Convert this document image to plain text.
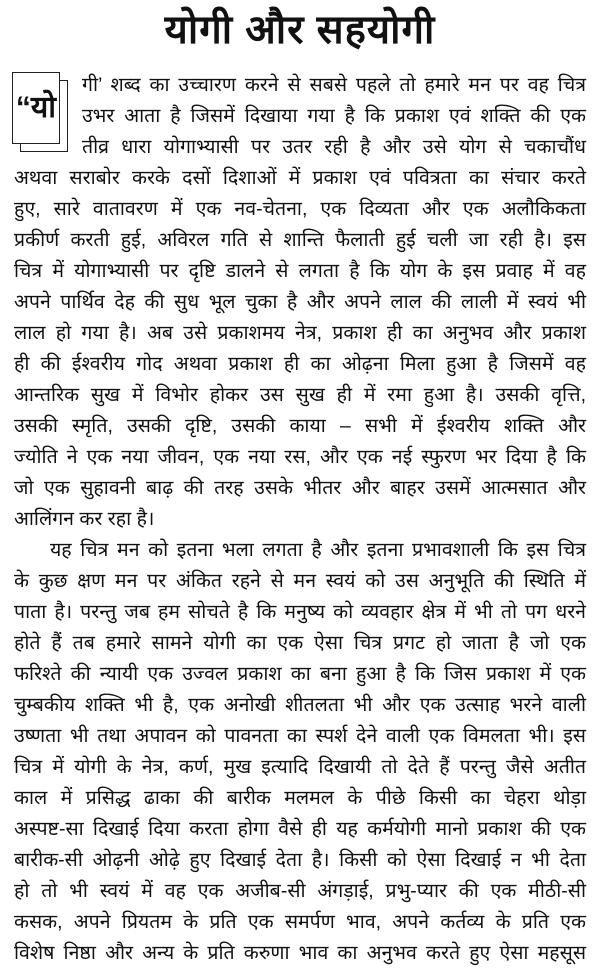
योगी और सहयोगी
“यो
गी’ शब्द का उच्चारण करने से सबसे पहले तो हमारे मन पर वह चित्र
उभर आता है जिसमें दिखाया गया है कि प्रकाश एवं शक्ति की एक
तीव्र धारा योगाभ्यासी पर उतर रही है और उसे योग से चकाचौंध
अथवा सराबोर करके दसों दिशाओं में प्रकाश एवं पवित्रता का संचार करते
हुए, सारे वातावरण में एक नव-चेतना, एक दिव्यता और एक अलौकिकता
प्रकीर्ण करती हुई, अविरल गति से शान्ति फैलाती हुई चली जा रही है। इस
चित्र में योगाभ्यासी पर दृष्टि डालने से लगता है कि योग के इस प्रवाह में वह
अपने पार्थिव देह की सुध भूल चुका है और अपने लाल की लाली में स्वयं भी
लाल हो गया है। अब उसे प्रकाशमय नेत्र, प्रकाश ही का अनुभव और प्रकाश
ही की ईश्वरीय गोद अथवा प्रकाश ही का ओढ़ना मिला हुआ है जिसमें वह
आन्तरिक सुख में विभोर होकर उस सुख ही में रमा हुआ है। उसकी वृत्ति,
उसकी स्मृति, उसकी दृष्टि, उसकी काया – सभी में ईश्वरीय शक्ति और
ज्योति ने एक नया जीवन, एक नया रस, और एक नई स्फुरण भर दिया है कि
जो एक सुहावनी बाढ़ की तरह उसके भीतर और बाहर उसमें आत्मसात और
आलिंगन कर रहा है।
यह चित्र मन को इतना भला लगता है और इतना प्रभावशाली कि इस चित्र
के कुछ क्षण मन पर अंकित रहने से मन स्वयं को उस अनुभूति की स्थिति में
पाता है। परन्तु जब हम सोचते है कि मनुष्य को व्यवहार क्षेत्र में भी तो पग धरने
होते हैं तब हमारे सामने योगी का एक ऐसा चित्र प्रगट हो जाता है जो एक
फरिश्ते की न्यायी एक उज्वल प्रकाश का बना हुआ है कि जिस प्रकाश में एक
चुम्बकीय शक्ति भी है, एक अनोखी शीतलता भी और एक उत्साह भरने वाली
उष्णता भी तथा अपावन को पावनता का स्पर्श देने वाली एक विमलता भी। इस
चित्र में योगी के नेत्र, कर्ण, मुख इत्यादि दिखायी तो देते हैं परन्तु जैसे अतीत
काल में प्रसिद्ध ढाका की बारीक मलमल के पीछे किसी का चेहरा थोड़ा
अस्पष्ट-सा दिखाई दिया करता होगा वैसे ही यह कर्मयोगी मानो प्रकाश की एक
बारीक-सी ओढ़नी ओढ़े हुए दिखाई देता है। किसी को ऐसा दिखाई न भी देता
हो तो भी स्वयं में वह एक अजीब-सी अंगड़ाई, प्रभु-प्यार की एक मीठी-सी
कसक, अपने प्रियतम के प्रति एक समर्पण भाव, अपने कर्तव्य के प्रति एक
विशेष निष्ठा और अन्य के प्रति करुणा भाव का अनुभव करते हुए ऐसा महसूस
